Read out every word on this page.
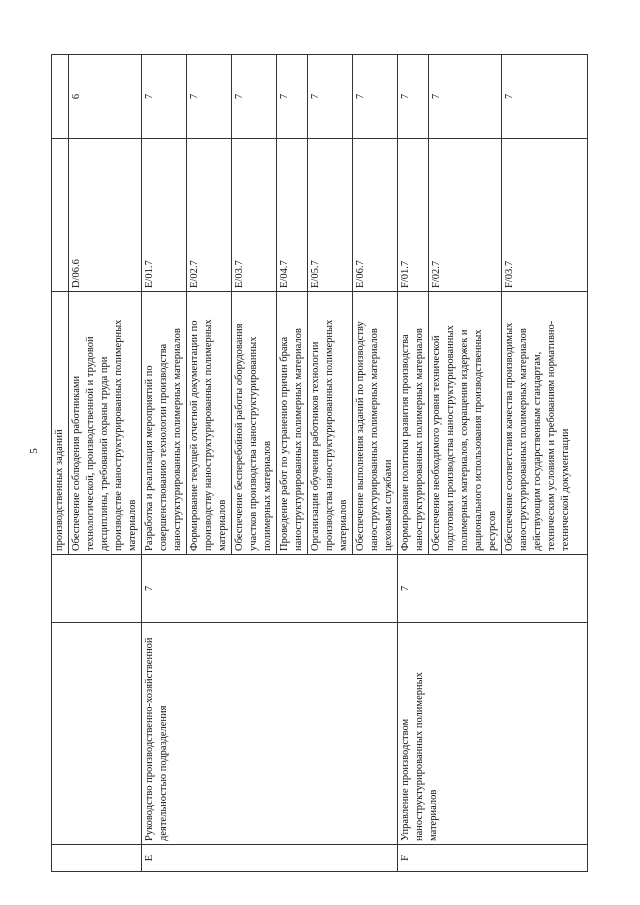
5
			производственных заданий		
			Обеспечение соблюдения работниками технологической, производственной и трудовой дисциплины, требований охраны труда при производстве наноструктурированных полимерных материалов	D/06.6	6
E	Руководство производственно-хозяйственной деятельностью подразделения	7	Разработка и реализация мероприятий по совершенствованию технологии производства наноструктурированных полимерных материалов	E/01.7	7
			Формирование текущей отчетной документации по производству наноструктурированных полимерных материалов	E/02.7	7
			Обеспечение бесперебойной работы оборудования участков производства наноструктурированных полимерных материалов	E/03.7	7
			Проведение работ по устранению причин брака наноструктурированных полимерных материалов	E/04.7	7
			Организация обучения работников технологии производства наноструктурированных полимерных материалов	E/05.7	7
			Обеспечение выполнения заданий по производству наноструктурированных полимерных материалов цеховыми службами	E/06.7	7
F	Управление производством наноструктурированных полимерных материалов	7	Формирование политики развития производства наноструктурированных полимерных материалов	F/01.7	7
			Обеспечение необходимого уровня технической подготовки производства наноструктурированных полимерных материалов, сокращения издержек и рационального использования производственных ресурсов	F/02.7	7
			Обеспечение соответствия качества производимых наноструктурированных полимерных материалов действующим государственным стандартам, техническим условиям и требованиям нормативно-технической документации	F/03.7	7
